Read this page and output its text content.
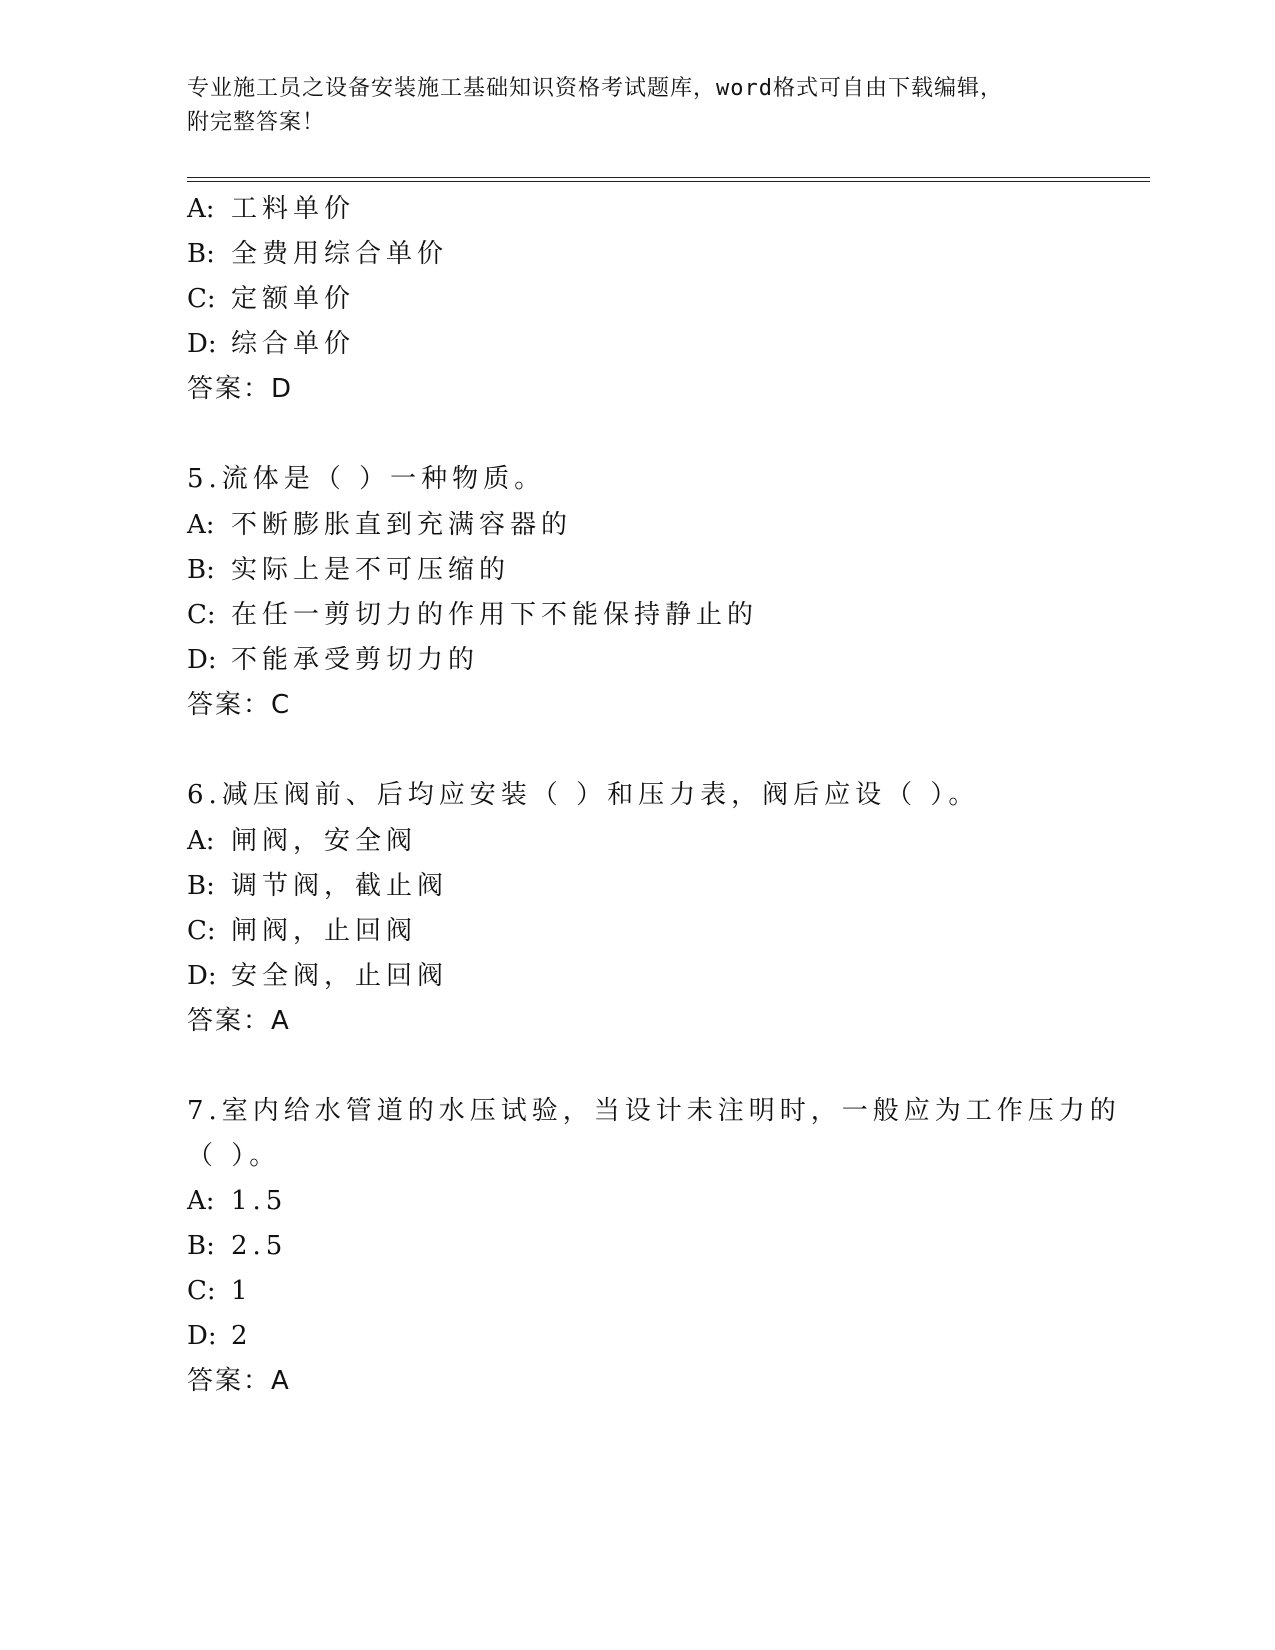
专业施工员之设备安装施工基础知识资格考试题库，word格式可自由下载编辑，
附完整答案！
A: 工料单价
B: 全费用综合单价
C: 定额单价
D: 综合单价
答案：D
5.流体是（ ）一种物质。
A: 不断膨胀直到充满容器的
B: 实际上是不可压缩的
C: 在任一剪切力的作用下不能保持静止的
D: 不能承受剪切力的
答案：C
6.减压阀前、后均应安装（ ）和压力表，阀后应设（ ）。
A: 闸阀，安全阀
B: 调节阀，截止阀
C: 闸阀，止回阀
D: 安全阀，止回阀
答案：A
7.室内给水管道的水压试验，当设计未注明时，一般应为工作压力的
（ ）。
A: 1.5
B: 2.5
C: 1
D: 2
答案：A
